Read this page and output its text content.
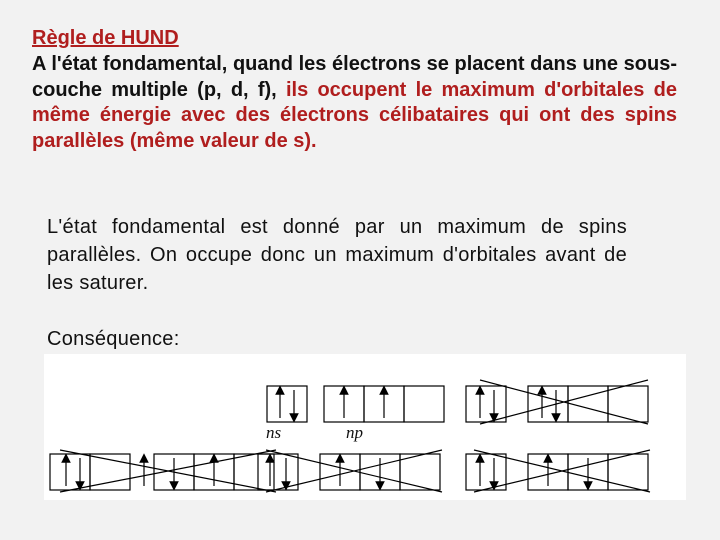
Règle de HUND
A l'état fondamental, quand les électrons se placent dans une sous-couche multiple (p, d, f), ils occupent le maximum d'orbitales de même énergie avec des électrons célibataires qui ont des spins parallèles (même valeur de s).
L'état fondamental est donné par un maximum de spins parallèles. On occupe donc un maximum d'orbitales avant de les saturer.
Conséquence:
ns	np
